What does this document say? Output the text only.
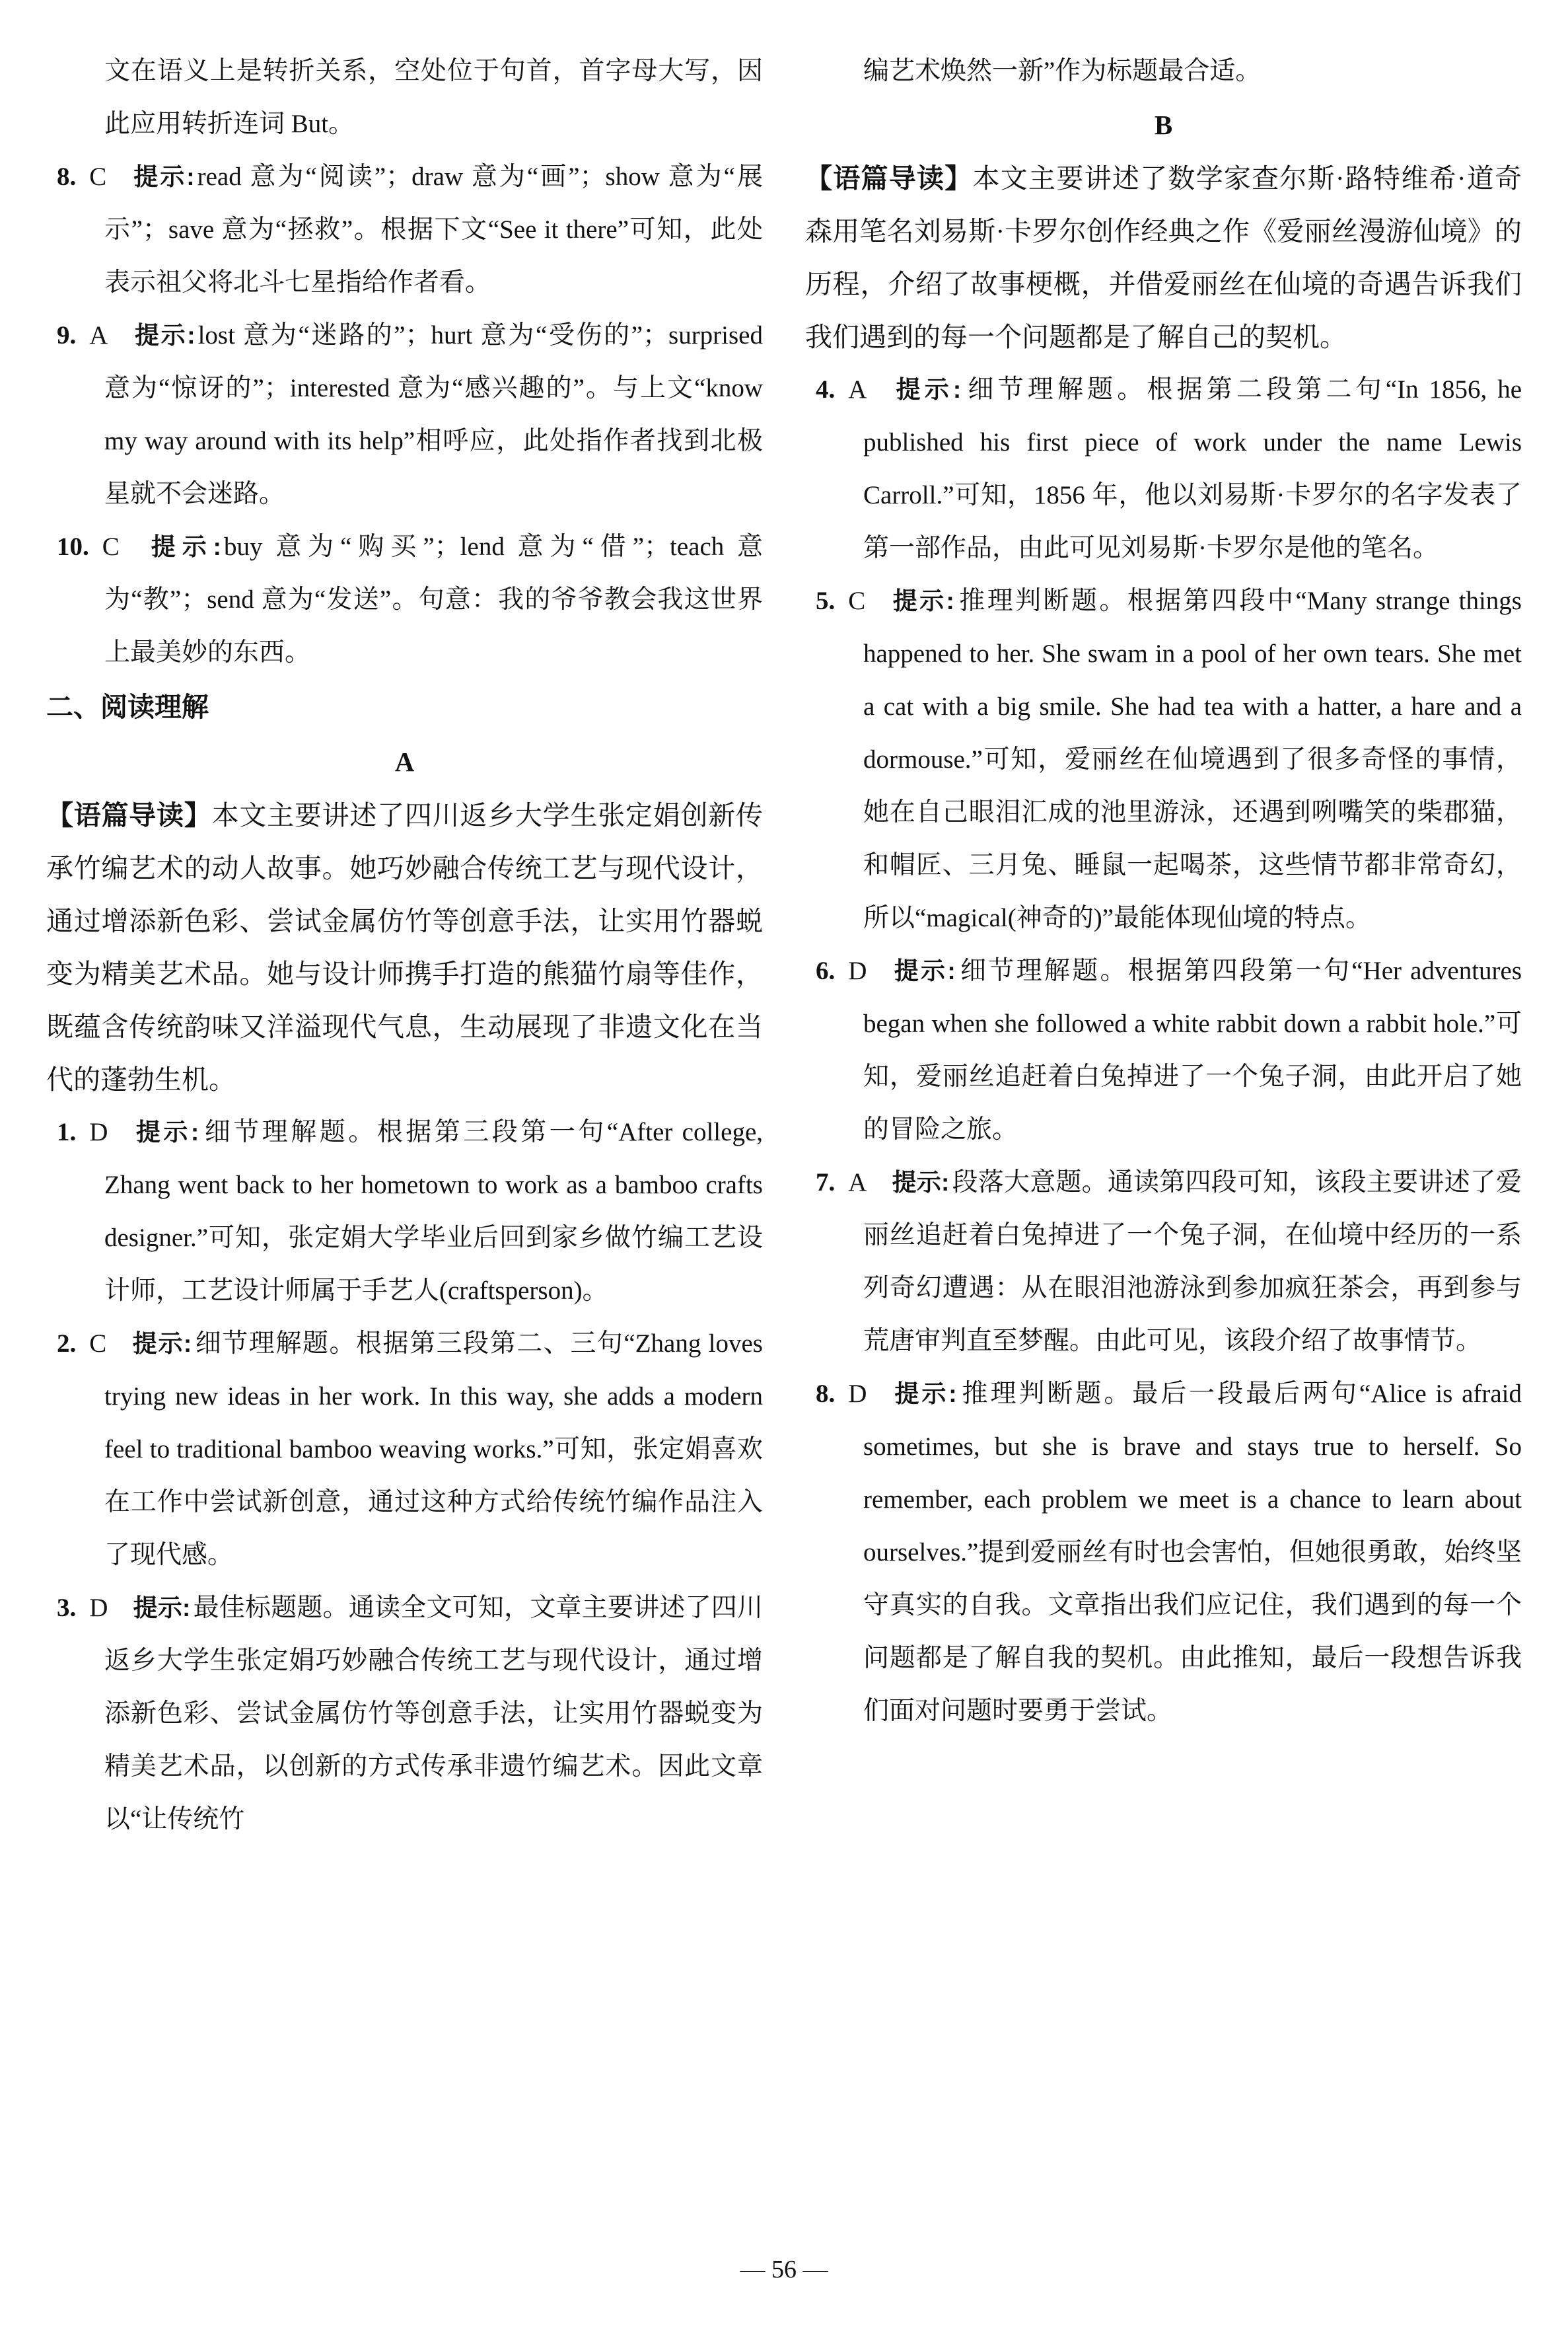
文在语义上是转折关系，空处位于句首，首字母大写，因此应用转折连词 But。
8. C 提示: read 意为“阅读”；draw 意为“画”；show 意为“展示”；save 意为“拯救”。根据下文“See it there”可知，此处表示祖父将北斗七星指给作者看。
9. A 提示: lost 意为“迷路的”；hurt 意为“受伤的”；surprised 意为“惊讶的”；interested 意为“感兴趣的”。与上文“know my way around with its help”相呼应，此处指作者找到北极星就不会迷路。
10. C 提示: buy 意为“购买”；lend 意为“借”；teach 意为“教”；send 意为“发送”。句意：我的爷爷教会我这世界上最美妙的东西。
二、阅读理解
A
【语篇导读】本文主要讲述了四川返乡大学生张定娟创新传承竹编艺术的动人故事。她巧妙融合传统工艺与现代设计，通过增添新色彩、尝试金属仿竹等创意手法，让实用竹器蜕变为精美艺术品。她与设计师携手打造的熊猫竹扇等佳作，既蕴含传统韵味又洋溢现代气息，生动展现了非遗文化在当代的蓬勃生机。
1. D 提示: 细节理解题。根据第三段第一句“After college, Zhang went back to her hometown to work as a bamboo crafts designer.”可知，张定娟大学毕业后回到家乡做竹编工艺设计师，工艺设计师属于手艺人(craftsperson)。
2. C 提示: 细节理解题。根据第三段第二、三句“Zhang loves trying new ideas in her work. In this way, she adds a modern feel to traditional bamboo weaving works.”可知，张定娟喜欢在工作中尝试新创意，通过这种方式给传统竹编作品注入了现代感。
3. D 提示: 最佳标题题。通读全文可知，文章主要讲述了四川返乡大学生张定娟巧妙融合传统工艺与现代设计，通过增添新色彩、尝试金属仿竹等创意手法，让实用竹器蜕变为精美艺术品，以创新的方式传承非遗竹编艺术。因此文章以“让传统竹
编艺术焕然一新”作为标题最合适。
B
【语篇导读】本文主要讲述了数学家查尔斯·路特维希·道奇森用笔名刘易斯·卡罗尔创作经典之作《爱丽丝漫游仙境》的历程，介绍了故事梗概，并借爱丽丝在仙境的奇遇告诉我们我们遇到的每一个问题都是了解自己的契机。
4. A 提示: 细节理解题。根据第二段第二句“In 1856, he published his first piece of work under the name Lewis Carroll.”可知，1856 年，他以刘易斯·卡罗尔的名字发表了第一部作品，由此可见刘易斯·卡罗尔是他的笔名。
5. C 提示: 推理判断题。根据第四段中“Many strange things happened to her. She swam in a pool of her own tears. She met a cat with a big smile. She had tea with a hatter, a hare and a dormouse.”可知，爱丽丝在仙境遇到了很多奇怪的事情，她在自己眼泪汇成的池里游泳，还遇到咧嘴笑的柴郡猫，和帽匠、三月兔、睡鼠一起喝茶，这些情节都非常奇幻，所以“magical(神奇的)”最能体现仙境的特点。
6. D 提示: 细节理解题。根据第四段第一句“Her adventures began when she followed a white rabbit down a rabbit hole.”可知，爱丽丝追赶着白兔掉进了一个兔子洞，由此开启了她的冒险之旅。
7. A 提示: 段落大意题。通读第四段可知，该段主要讲述了爱丽丝追赶着白兔掉进了一个兔子洞，在仙境中经历的一系列奇幻遭遇：从在眼泪池游泳到参加疯狂茶会，再到参与荒唐审判直至梦醒。由此可见，该段介绍了故事情节。
8. D 提示: 推理判断题。最后一段最后两句“Alice is afraid sometimes, but she is brave and stays true to herself. So remember, each problem we meet is a chance to learn about ourselves.”提到爱丽丝有时也会害怕，但她很勇敢，始终坚守真实的自我。文章指出我们应记住，我们遇到的每一个问题都是了解自我的契机。由此推知，最后一段想告诉我们面对问题时要勇于尝试。
— 56 —
